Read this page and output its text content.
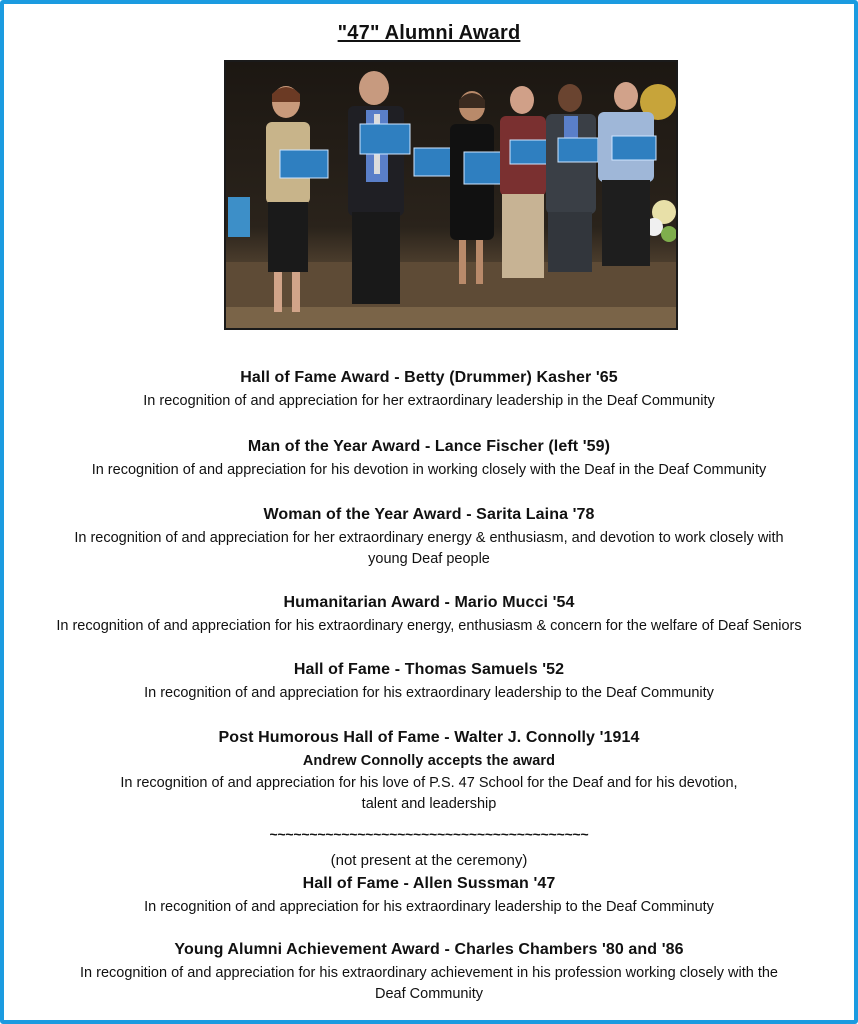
"47" Alumni Award
Hall of Fame Award - Betty (Drummer) Kasher '65
In recognition of and appreciation for her extraordinary leadership in the Deaf Community
Man of the Year Award - Lance Fischer (left '59)
In recognition of and appreciation for his devotion in working closely with the Deaf in the Deaf Community
Woman of the Year Award - Sarita Laina '78
In recognition of and appreciation for her extraordinary energy & enthusiasm, and devotion to work closely with
young Deaf people
Humanitarian Award - Mario Mucci '54
In recognition of and appreciation for his extraordinary energy, enthusiasm & concern for the welfare of Deaf Seniors
Hall of Fame - Thomas Samuels '52
In recognition of and appreciation for his extraordinary leadership to the Deaf Community
Post Humorous Hall of Fame - Walter J. Connolly '1914
Andrew Connolly accepts the award
In recognition of and appreciation for his love of P.S. 47 School for the Deaf and for his devotion,
talent and leadership
~~~~~~~~~~~~~~~~~~~~~~~~~~~~~~~~~~~~~~~~
(not present at the ceremony)
Hall of Fame - Allen Sussman '47
In recognition of and appreciation for his extraordinary leadership to the Deaf Comminuty
Young Alumni Achievement Award - Charles Chambers '80 and '86
In recognition of and appreciation for his extraordinary achievement in his profession working closely with the
Deaf Community
